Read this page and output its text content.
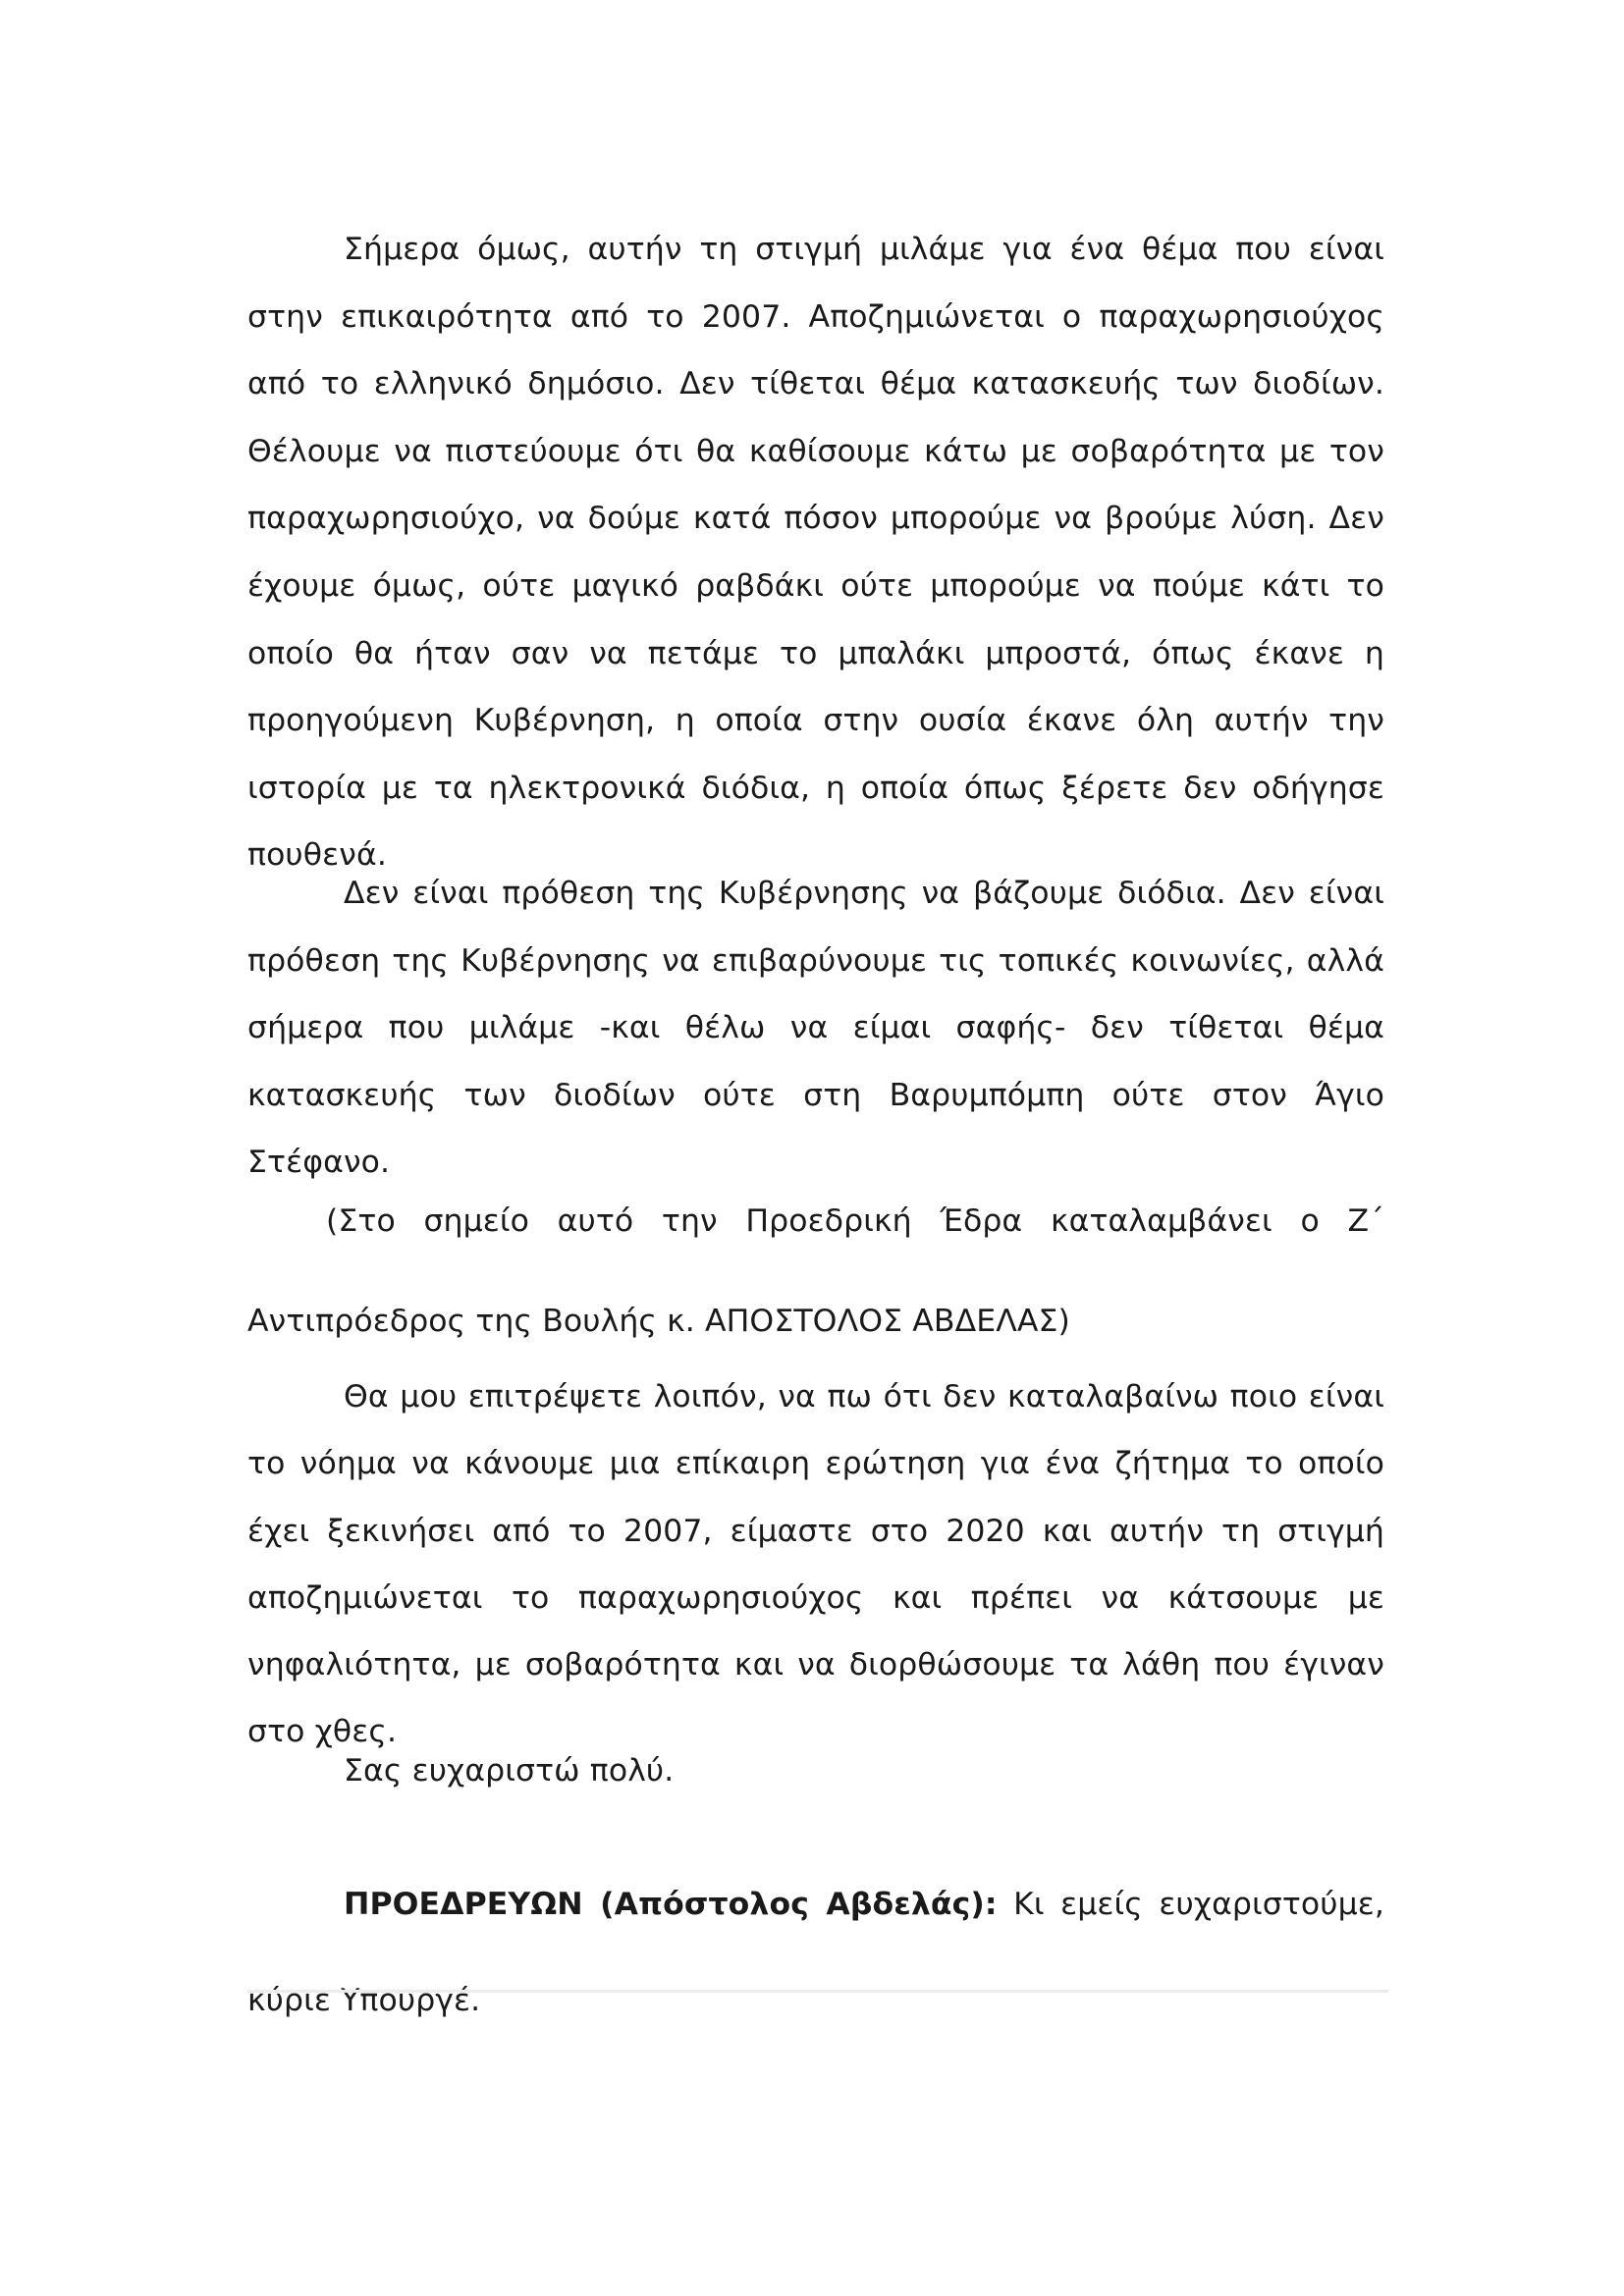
Σήμερα όμως, αυτήν τη στιγμή μιλάμε για ένα θέμα που είναι στην επικαιρότητα από το 2007. Αποζημιώνεται ο παραχωρησιούχος από το ελληνικό δημόσιο. Δεν τίθεται θέμα κατασκευής των διοδίων. Θέλουμε να πιστεύουμε ότι θα καθίσουμε κάτω με σοβαρότητα με τον παραχωρησιούχο, να δούμε κατά πόσον μπορούμε να βρούμε λύση. Δεν έχουμε όμως, ούτε μαγικό ραβδάκι ούτε μπορούμε να πούμε κάτι το οποίο θα ήταν σαν να πετάμε το μπαλάκι μπροστά, όπως έκανε η προηγούμενη Κυβέρνηση, η οποία στην ουσία έκανε όλη αυτήν την ιστορία με τα ηλεκτρονικά διόδια, η οποία όπως ξέρετε δεν οδήγησε πουθενά.

Δεν είναι πρόθεση της Κυβέρνησης να βάζουμε διόδια. Δεν είναι πρόθεση της Κυβέρνησης να επιβαρύνουμε τις τοπικές κοινωνίες, αλλά σήμερα που μιλάμε -και θέλω να είμαι σαφής- δεν τίθεται θέμα κατασκευής των διοδίων ούτε στη Βαρυμπόμπη ούτε στον Άγιο Στέφανο.

(Στο σημείο αυτό την Προεδρική Έδρα καταλαμβάνει ο Ζ΄ Αντιπρόεδρος της Βουλής κ. ΑΠΟΣΤΟΛΟΣ ΑΒΔΕΛΑΣ)

Θα μου επιτρέψετε λοιπόν, να πω ότι δεν καταλαβαίνω ποιο είναι το νόημα να κάνουμε μια επίκαιρη ερώτηση για ένα ζήτημα το οποίο έχει ξεκινήσει από το 2007, είμαστε στο 2020 και αυτήν τη στιγμή αποζημιώνεται το παραχωρησιούχος και πρέπει να κάτσουμε με νηφαλιότητα, με σοβαρότητα και να διορθώσουμε τα λάθη που έγιναν στο χθες.

Σας ευχαριστώ πολύ.

ΠΡΟΕΔΡΕΥΩΝ (Απόστολος Αβδελάς): Κι εμείς ευχαριστούμε, κύριε Υπουργέ.
